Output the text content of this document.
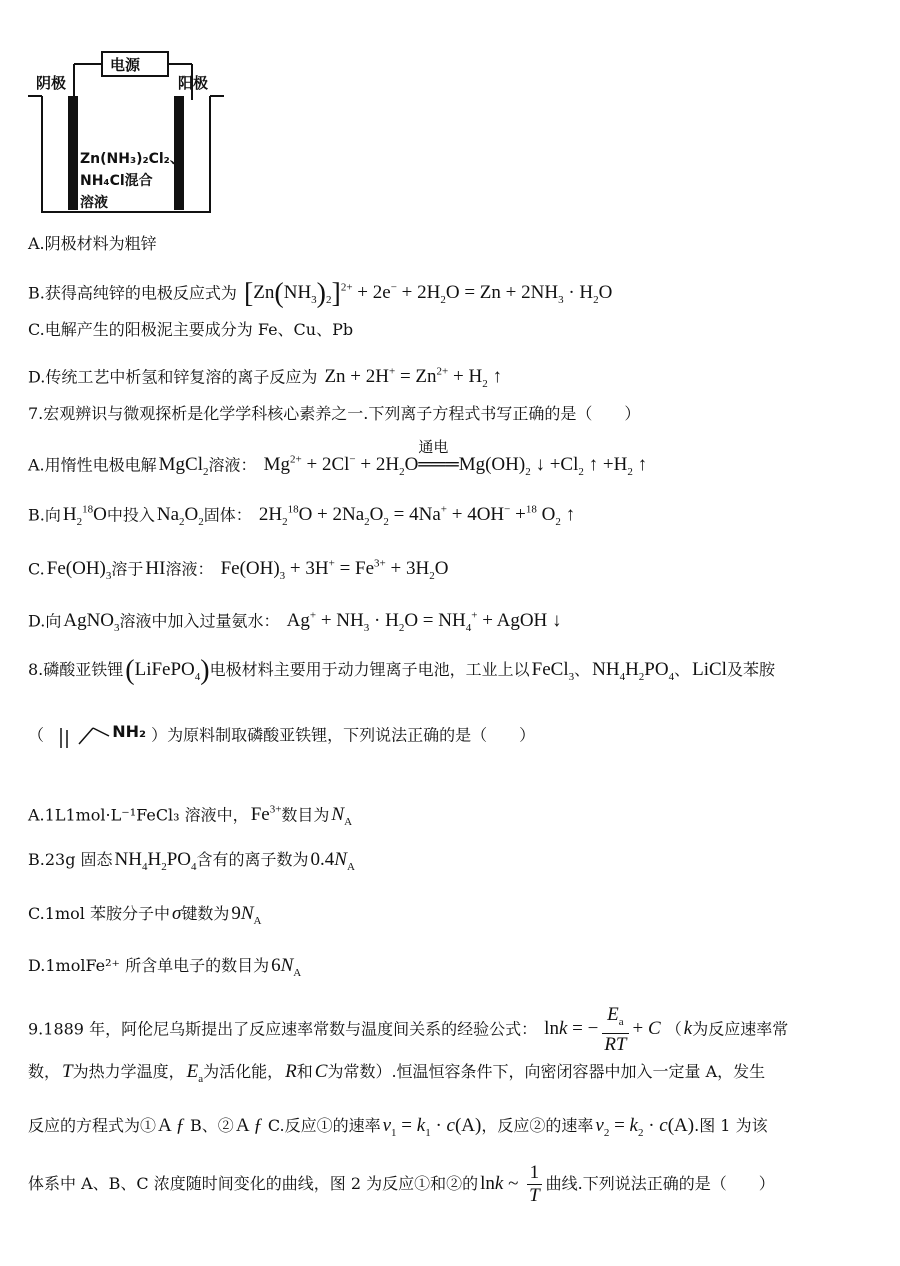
电源
阴极	阳极
Zn(NH₃)₂Cl₂、
NH₄Cl混合
溶液
A.阴极材料为粗锌
B.获得高纯锌的电极反应式为 $[Zn(NH_3)_2]^{2+} + 2e^- + 2H_2O = Zn + 2NH_3 \cdot H_2O$
C.电解产生的阳极泥主要成分为 Fe、Cu、Pb
D.传统工艺中析氢和锌复溶的离子反应为 $Zn + 2H^+ = Zn^{2+} + H_2$ ↑
7.宏观辨识与微观探析是化学学科核心素养之一.下列离子方程式书写正确的是（　　）
A.用惰性电极电解 MgCl$_2$溶液： $Mg^{2+} + 2Cl^- + 2H_2O$
通电
$═══Mg(OH)_2$ ↓ $+Cl_2$ ↑ $+H_2$ ↑
B.向 $H_2^{18}O$中投入 $Na_2O_2$固体： $2H_2^{18}O + 2Na_2O_2 = 4Na^+ + 4OH^- +^{18}$ $O_2$ ↑
C. $Fe(OH)_3$溶于 HI溶液： $Fe(OH)_3 + 3H^+ = Fe^{3+} + 3H_2O$
D.向 AgNO$_3$溶液中加入过量氨水： $Ag^+ + NH_3 \cdot H_2O = NH_4^+$ + AgOH ↓
8.磷酸亚铁锂(LiFePO$_4$)电极材料主要用于动力锂离子电池，工业上以 FeCl$_3$、 $NH_4H_2PO_4$、 LiCl及苯胺
（	NH₂ ）为原料制取磷酸亚铁锂，下列说法正确的是（　　）
A.1L1mol·L⁻¹FeCl₃ 溶液中， $Fe^{3+}$数目为 $N_A$
B.23g 固态 $NH_4H_2PO_4$含有的离子数为 $0.4N_A$
C.1mol 苯胺分子中 σ键数为 $9N_A$
D.1molFe²⁺ 所含单电子的数目为 $6N_A$
9.1889 年，阿伦尼乌斯提出了反应速率常数与温度间关系的经验公式： lnk = − $\frac{E_a}{RT} + C$ （ k为反应速率常
数， T为热力学温度， $E_a$为活化能， R和 C为常数）.恒温恒容条件下，向密闭容器中加入一定量 A，发生
反应的方程式为① A ƒ B、② A ƒ C.反应①的速率 $v_1 = k_1 \cdot c(A)$，反应②的速率 $v_2 = k_2 \cdot c(A)$.图 1 为该
体系中 A、B、C 浓度随时间变化的曲线，图 2 为反应①和②的 lnk ~ $\frac{1}{T}$ 曲线.下列说法正确的是（　　）
